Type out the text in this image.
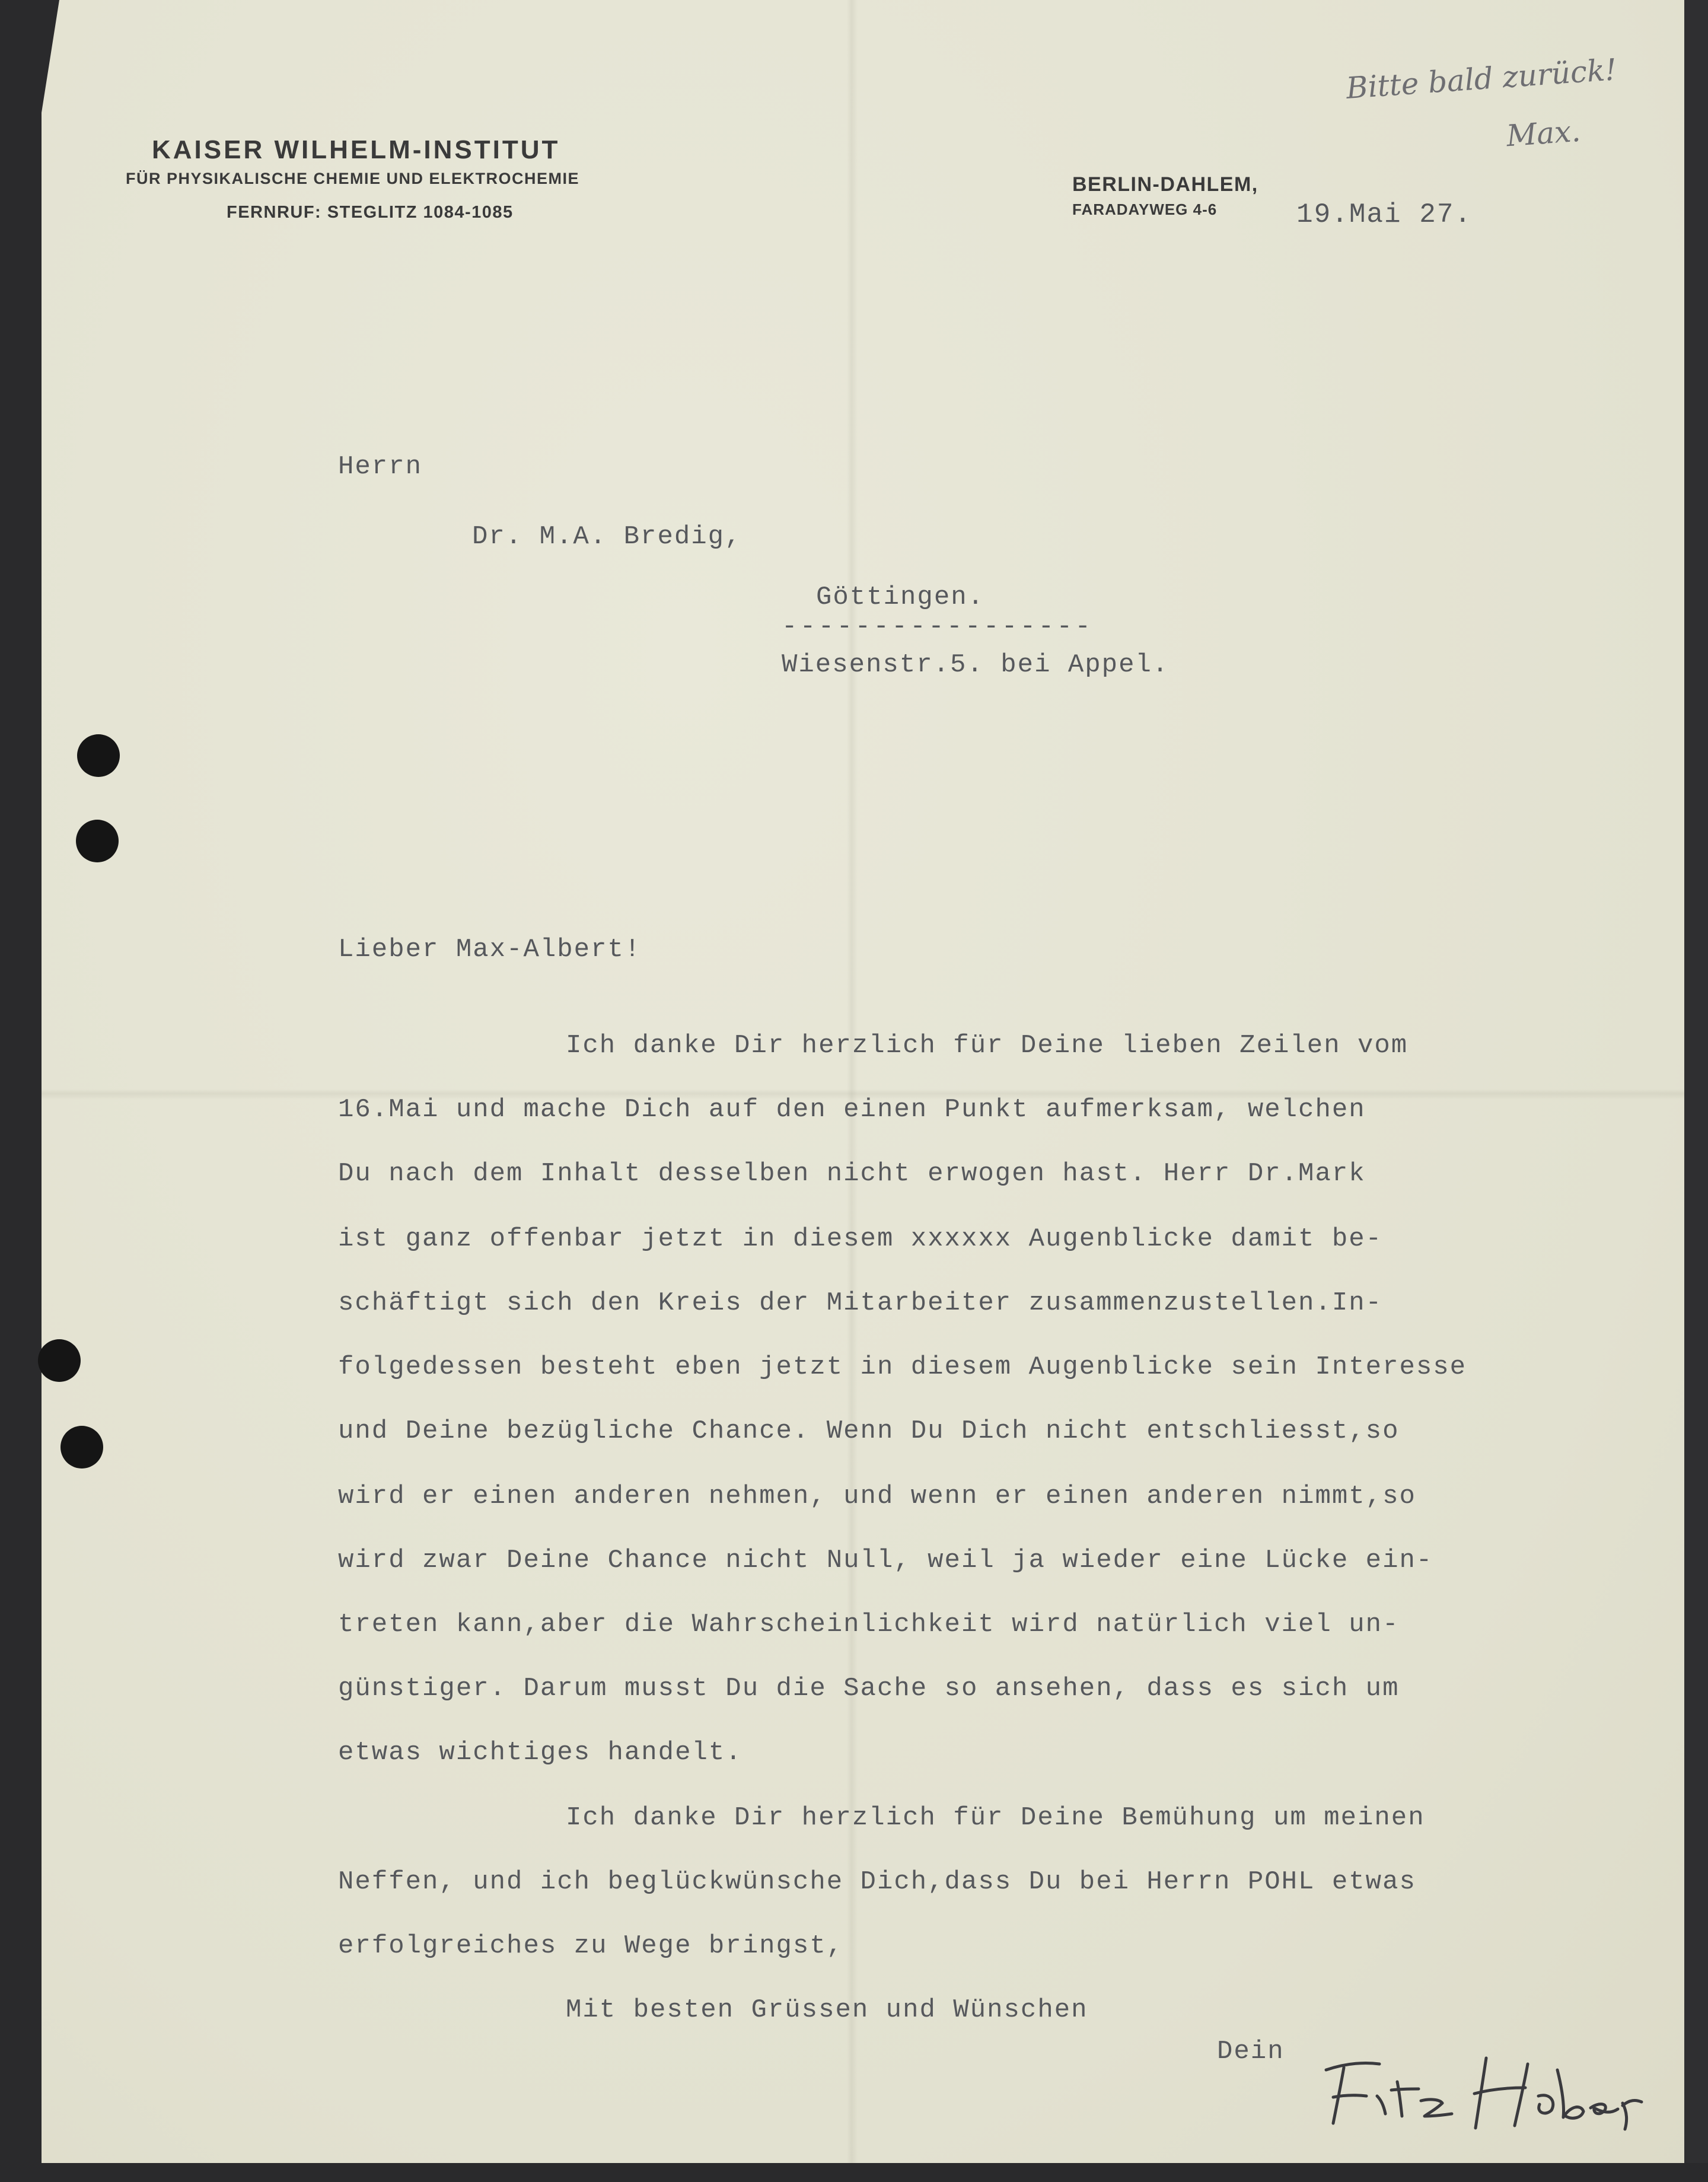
KAISER WILHELM-INSTITUT
FÜR PHYSIKALISCHE CHEMIE UND ELEKTROCHEMIE
FERNRUF: STEGLITZ 1084-1085
BERLIN-DAHLEM,
FARADAYWEG 4-6	19.Mai 27.
Bitte bald zurück!
Max.
Herrn
Dr. M.A. Bredig,
Göttingen.
-----------------
Wiesenstr.5. bei Appel.
Lieber Max-Albert!
Ich danke Dir herzlich für Deine lieben Zeilen vom
16.Mai und mache Dich auf den einen Punkt aufmerksam, welchen
Du nach dem Inhalt desselben nicht erwogen hast. Herr Dr.Mark
ist ganz offenbar jetzt in diesem xxxxxx Augenblicke damit be-
schäftigt sich den Kreis der Mitarbeiter zusammenzustellen.In-
folgedessen besteht eben jetzt in diesem Augenblicke sein Interesse
und Deine bezügliche Chance. Wenn Du Dich nicht entschliesst,so
wird er einen anderen nehmen, und wenn er einen anderen nimmt,so
wird zwar Deine Chance nicht Null, weil ja wieder eine Lücke ein-
treten kann,aber die Wahrscheinlichkeit wird natürlich viel un-
günstiger. Darum musst Du die Sache so ansehen, dass es sich um
etwas wichtiges handelt.
Ich danke Dir herzlich für Deine Bemühung um meinen
Neffen, und ich beglückwünsche Dich,dass Du bei Herrn POHL etwas
erfolgreiches zu Wege bringst,
Mit besten Grüssen und Wünschen
Dein
